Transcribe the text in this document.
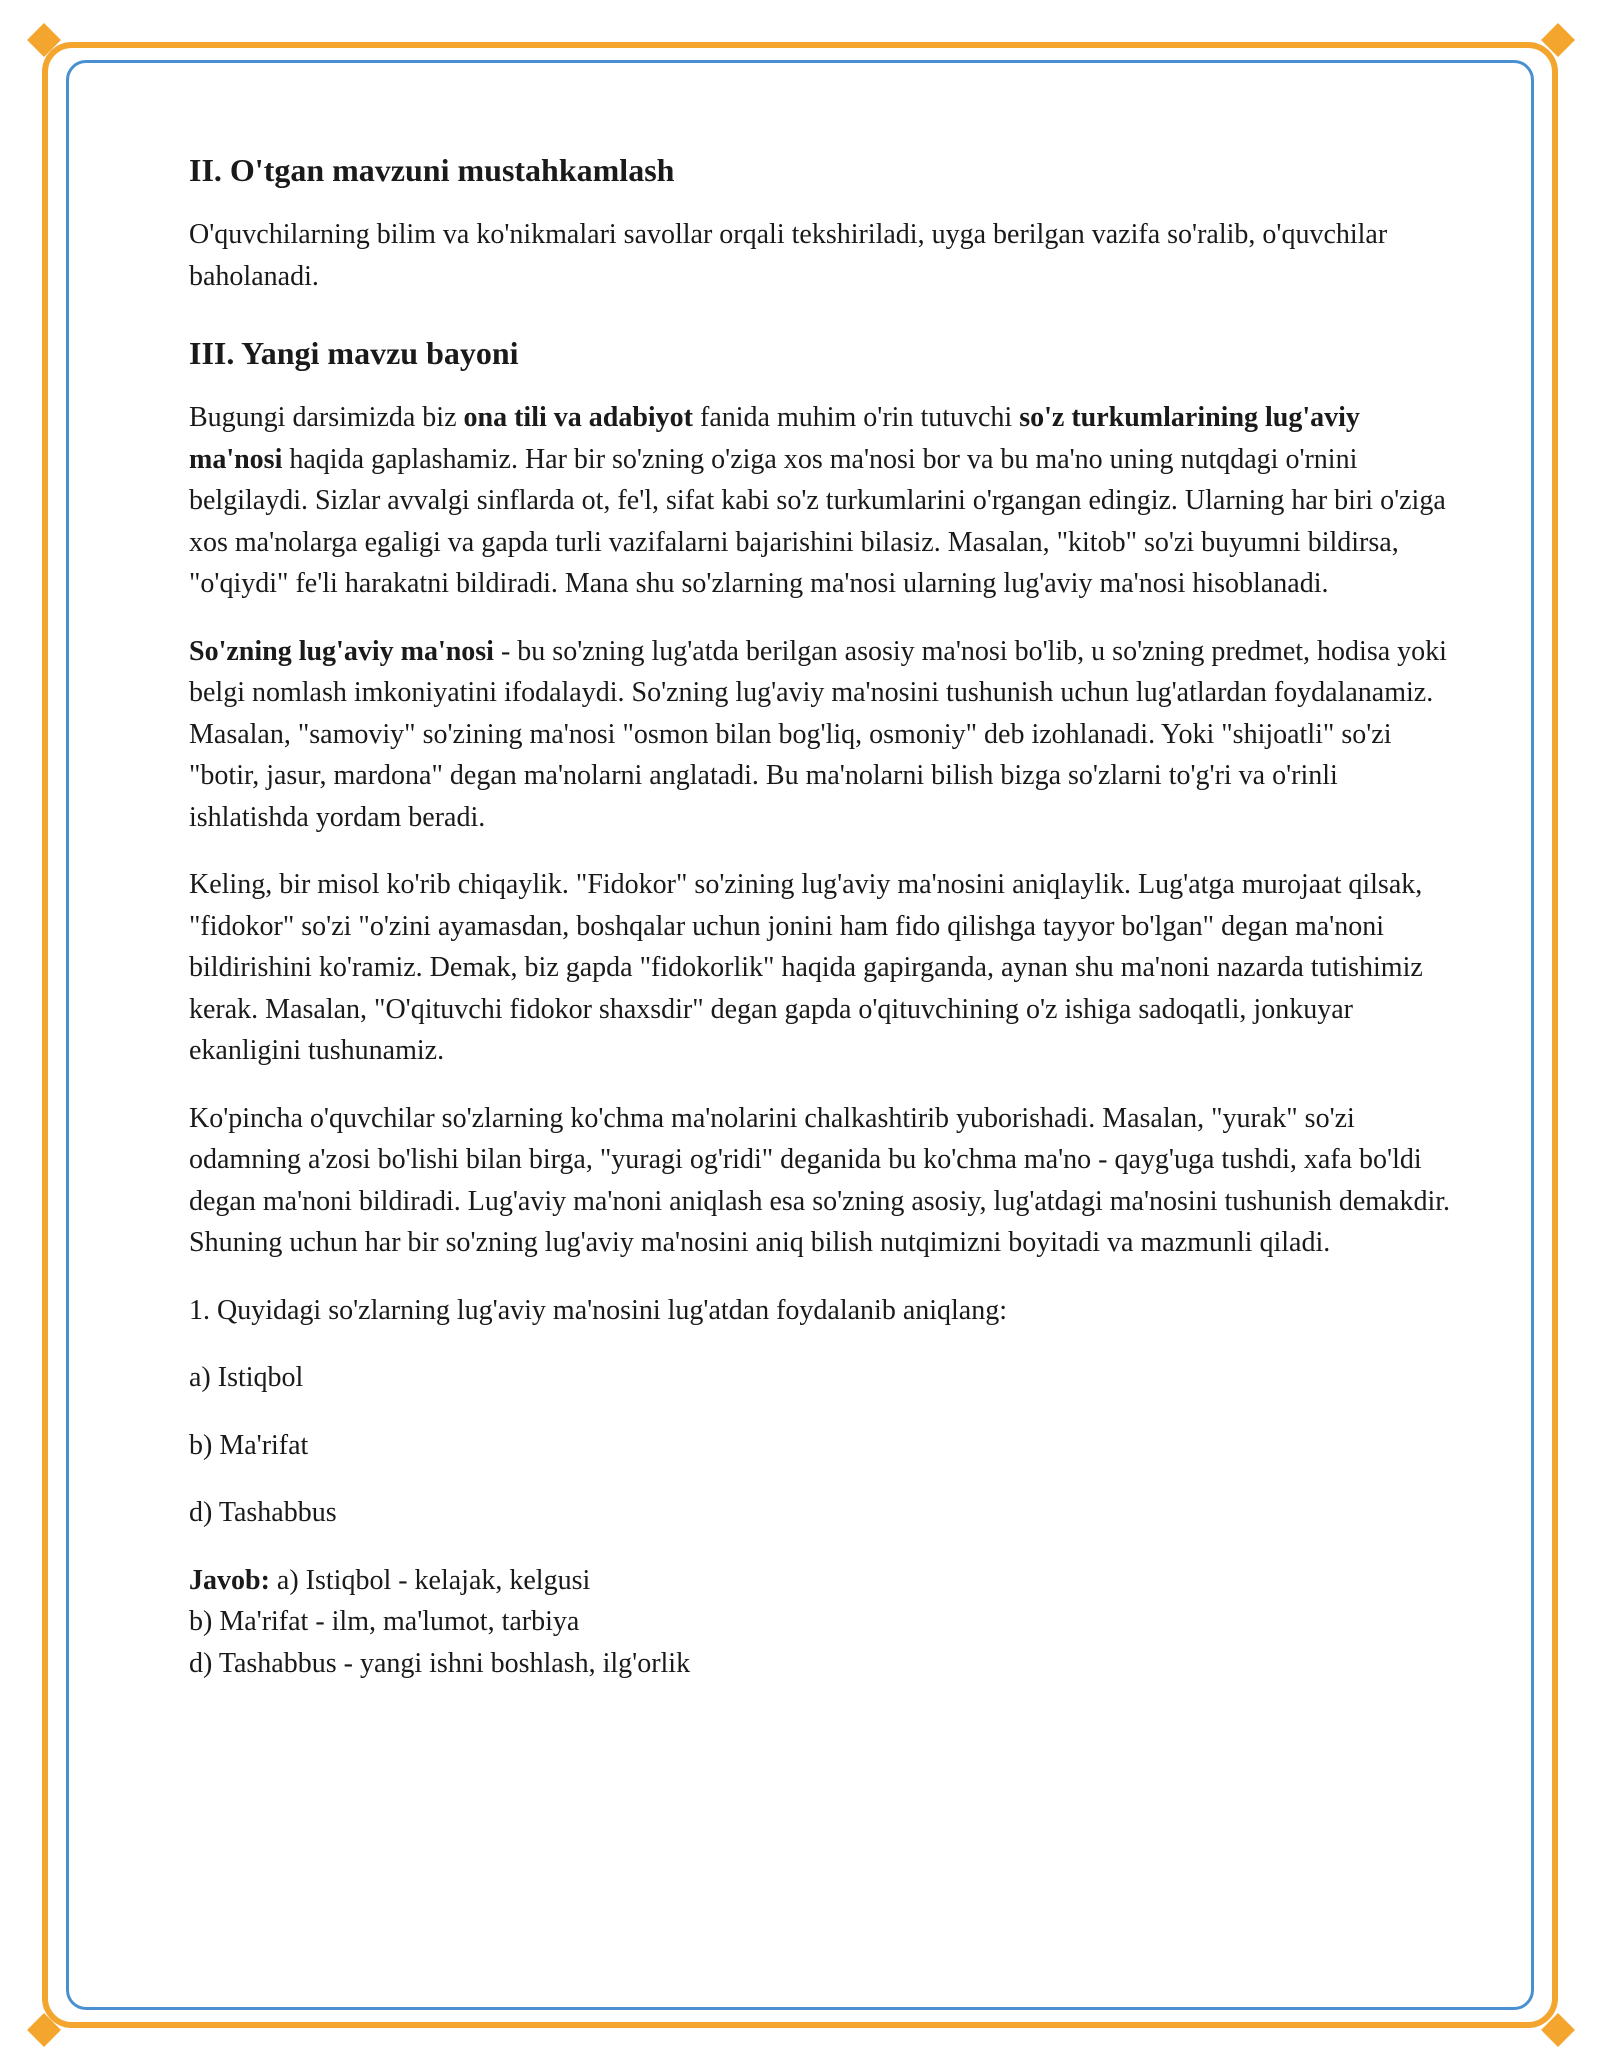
II. O'tgan mavzuni mustahkamlash

O'quvchilarning bilim va ko'nikmalari savollar orqali tekshiriladi, uyga berilgan vazifa so'ralib, o'quvchilar baholanadi.

III. Yangi mavzu bayoni

Bugungi darsimizda biz ona tili va adabiyot fanida muhim o'rin tutuvchi so'z turkumlarining lug'aviy ma'nosi haqida gaplashamiz. Har bir so'zning o'ziga xos ma'nosi bor va bu ma'no uning nutqdagi o'rnini belgilaydi. Sizlar avvalgi sinflarda ot, fe'l, sifat kabi so'z turkumlarini o'rgangan edingiz. Ularning har biri o'ziga xos ma'nolarga egaligi va gapda turli vazifalarni bajarishini bilasiz. Masalan, "kitob" so'zi buyumni bildirsa, "o'qiydi" fe'li harakatni bildiradi. Mana shu so'zlarning ma'nosi ularning lug'aviy ma'nosi hisoblanadi.

So'zning lug'aviy ma'nosi - bu so'zning lug'atda berilgan asosiy ma'nosi bo'lib, u so'zning predmet, hodisa yoki belgi nomlash imkoniyatini ifodalaydi. So'zning lug'aviy ma'nosini tushunish uchun lug'atlardan foydalanamiz. Masalan, "samoviy" so'zining ma'nosi "osmon bilan bog'liq, osmoniy" deb izohlanadi. Yoki "shijoatli" so'zi "botir, jasur, mardona" degan ma'nolarni anglatadi. Bu ma'nolarni bilish bizga so'zlarni to'g'ri va o'rinli ishlatishda yordam beradi.

Keling, bir misol ko'rib chiqaylik. "Fidokor" so'zining lug'aviy ma'nosini aniqlaylik. Lug'atga murojaat qilsak, "fidokor" so'zi "o'zini ayamasdan, boshqalar uchun jonini ham fido qilishga tayyor bo'lgan" degan ma'noni bildirishini ko'ramiz. Demak, biz gapda "fidokorlik" haqida gapirganda, aynan shu ma'noni nazarda tutishimiz kerak. Masalan, "O'qituvchi fidokor shaxsdir" degan gapda o'qituvchining o'z ishiga sadoqatli, jonkuyar ekanligini tushunamiz.

Ko'pincha o'quvchilar so'zlarning ko'chma ma'nolarini chalkashtirib yuborishadi. Masalan, "yurak" so'zi odamning a'zosi bo'lishi bilan birga, "yuragi og'ridi" deganida bu ko'chma ma'no - qayg'uga tushdi, xafa bo'ldi degan ma'noni bildiradi. Lug'aviy ma'noni aniqlash esa so'zning asosiy, lug'atdagi ma'nosini tushunish demakdir. Shuning uchun har bir so'zning lug'aviy ma'nosini aniq bilish nutqimizni boyitadi va mazmunli qiladi.

1. Quyidagi so'zlarning lug'aviy ma'nosini lug'atdan foydalanib aniqlang:

a) Istiqbol

b) Ma'rifat

d) Tashabbus

Javob: a) Istiqbol - kelajak, kelgusi
b) Ma'rifat - ilm, ma'lumot, tarbiya
d) Tashabbus - yangi ishni boshlash, ilg'orlik
